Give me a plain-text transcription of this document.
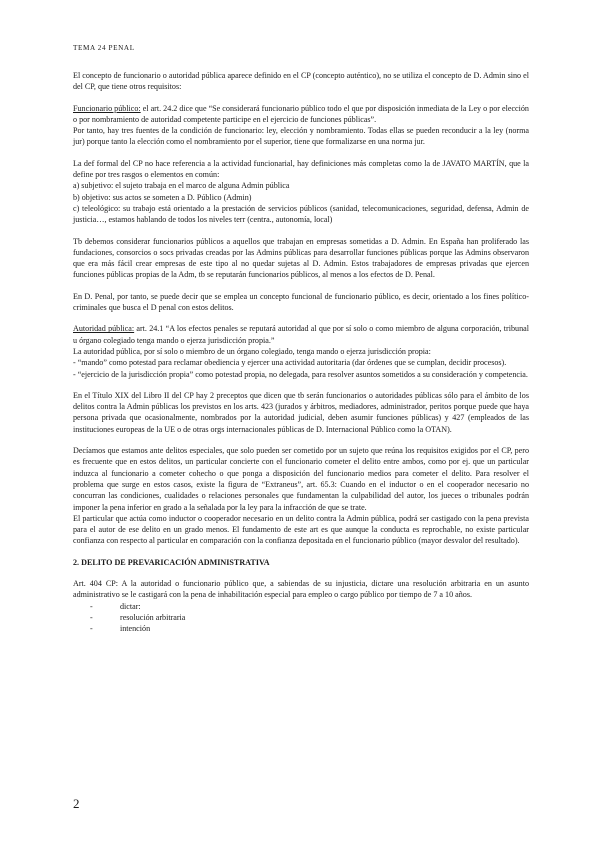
TEMA 24 PENAL

El concepto de funcionario o autoridad pública aparece definido en el CP (concepto auténtico), no se utiliza el concepto de D. Admin sino el del CP, que tiene otros requisitos:

Funcionario público: el art. 24.2 dice que “Se considerará funcionario público todo el que por disposición inmediata de la Ley o por elección o por nombramiento de autoridad competente participe en el ejercicio de funciones públicas”.

Por tanto, hay tres fuentes de la condición de funcionario: ley, elección y nombramiento. Todas ellas se pueden reconducir a la ley (norma jur) porque tanto la elección como el nombramiento por el superior, tiene que formalizarse en una norma jur.

La def formal del CP no hace referencia a la actividad funcionarial, hay definiciones más completas como la de JAVATO MARTÍN, que la define por tres rasgos o elementos en común:

a) subjetivo: el sujeto trabaja en el marco de alguna Admin pública

b) objetivo: sus actos se someten a D. Público (Admin)

c) teleológico: su trabajo está orientado a la prestación de servicios públicos (sanidad, telecomunicaciones, seguridad, defensa, Admin de justicia…, estamos hablando de todos los niveles terr (centra., autonomía, local)

Tb debemos considerar funcionarios públicos a aquellos que trabajan en empresas sometidas a D. Admin. En España han proliferado las fundaciones, consorcios o socs privadas creadas por las Admins públicas para desarrollar funciones públicas porque las Admins observaron que era más fácil crear empresas de este tipo al no quedar sujetas al D. Admin. Estos trabajadores de empresas privadas que ejercen funciones públicas propias de la Adm, tb se reputarán funcionarios públicos, al menos a los efectos de D. Penal.

En D. Penal, por tanto, se puede decir que se emplea un concepto funcional de funcionario público, es decir, orientado a los fines político-criminales que busca el D penal con estos delitos.

Autoridad pública: art. 24.1 “A los efectos penales se reputará autoridad al que por sí solo o como miembro de alguna corporación, tribunal u órgano colegiado tenga mando o ejerza jurisdicción propia.”

La autoridad pública, por sí solo o miembro de un órgano colegiado, tenga mando o ejerza jurisdicción propia:

- “mando” como potestad para reclamar obediencia y ejercer una actividad autoritaria (dar órdenes que se cumplan, decidir procesos).

- “ejercicio de la jurisdicción propia” como potestad propia, no delegada, para resolver asuntos sometidos a su consideración y competencia.

En el Título XIX del Libro II del CP hay 2 preceptos que dicen que tb serán funcionarios o autoridades públicas sólo para el ámbito de los delitos contra la Admin públicas los previstos en los arts. 423 (jurados y árbitros, mediadores, administrador, peritos porque puede que haya persona privada que ocasionalmente, nombrados por la autoridad judicial, deben asumir funciones públicas) y 427 (empleados de las instituciones europeas de la UE o de otras orgs internacionales públicas de D. Internacional Público como la OTAN).

Decíamos que estamos ante delitos especiales, que solo pueden ser cometido por un sujeto que reúna los requisitos exigidos por el CP, pero es frecuente que en estos delitos, un particular concierte con el funcionario cometer el delito entre ambos, como por ej. que un particular induzca al funcionario a cometer cohecho o que ponga a disposición del funcionario medios para cometer el delito. Para resolver el problema que surge en estos casos, existe la figura de “Extraneus”, art. 65.3: Cuando en el inductor o en el cooperador necesario no concurran las condiciones, cualidades o relaciones personales que fundamentan la culpabilidad del autor, los jueces o tribunales podrán imponer la pena inferior en grado a la señalada por la ley para la infracción de que se trate.

El particular que actúa como inductor o cooperador necesario en un delito contra la Admin pública, podrá ser castigado con la pena prevista para el autor de ese delito en un grado menos. El fundamento de este art es que aunque la conducta es reprochable, no existe particular confianza con respecto al particular en comparación con la confianza depositada en el funcionario público (mayor desvalor del resultado).

2. DELITO DE PREVARICACIÓN ADMINISTRATIVA

Art. 404 CP: A la autoridad o funcionario público que, a sabiendas de su injusticia, dictare una resolución arbitraria en un asunto administrativo se le castigará con la pena de inhabilitación especial para empleo o cargo público por tiempo de 7 a 10 años.

- dictar:
- resolución arbitraria
- intención
2
